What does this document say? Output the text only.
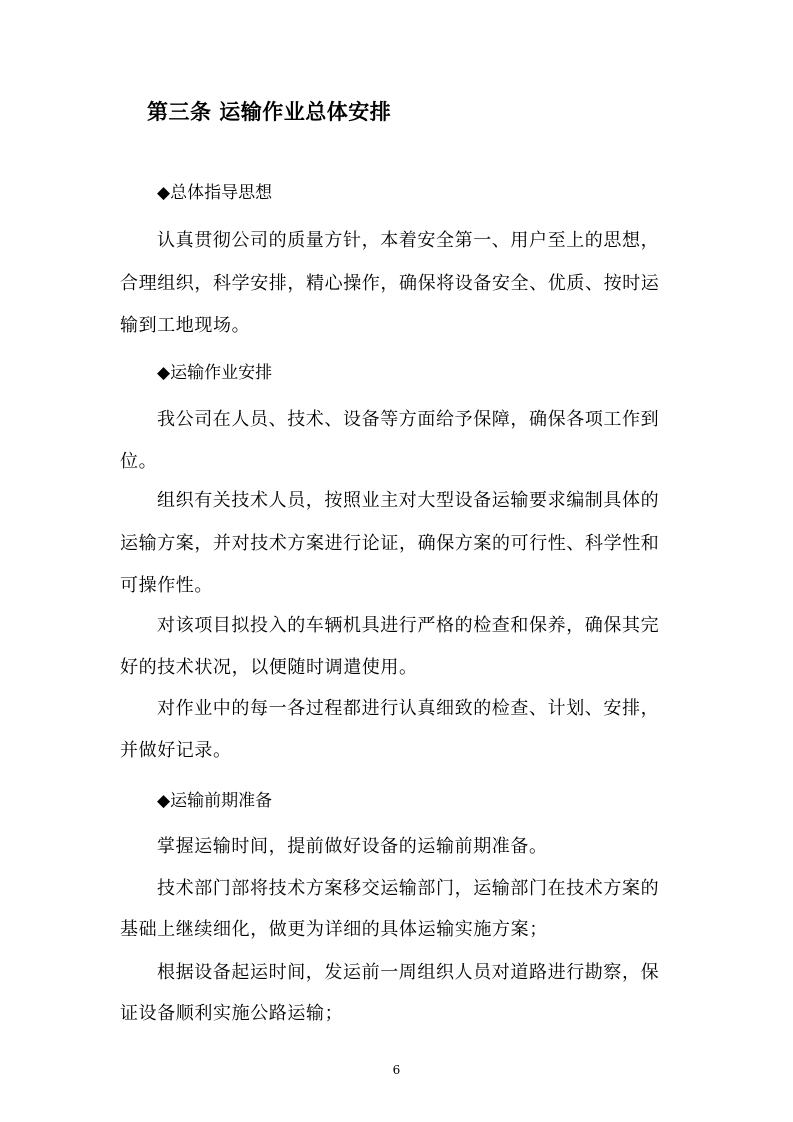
第三条 运输作业总体安排
◆总体指导思想
认真贯彻公司的质量方针，本着安全第一、用户至上的思想，
合理组织，科学安排，精心操作，确保将设备安全、优质、按时运
输到工地现场。
◆运输作业安排
我公司在人员、技术、设备等方面给予保障，确保各项工作到
位。
组织有关技术人员，按照业主对大型设备运输要求编制具体的
运输方案，并对技术方案进行论证，确保方案的可行性、科学性和
可操作性。
对该项目拟投入的车辆机具进行严格的检查和保养，确保其完
好的技术状况，以便随时调遣使用。
对作业中的每一各过程都进行认真细致的检查、计划、安排，
并做好记录。
◆运输前期准备
掌握运输时间，提前做好设备的运输前期准备。
技术部门部将技术方案移交运输部门，运输部门在技术方案的
基础上继续细化，做更为详细的具体运输实施方案；
根据设备起运时间，发运前一周组织人员对道路进行勘察，保
证设备顺利实施公路运输；
6
